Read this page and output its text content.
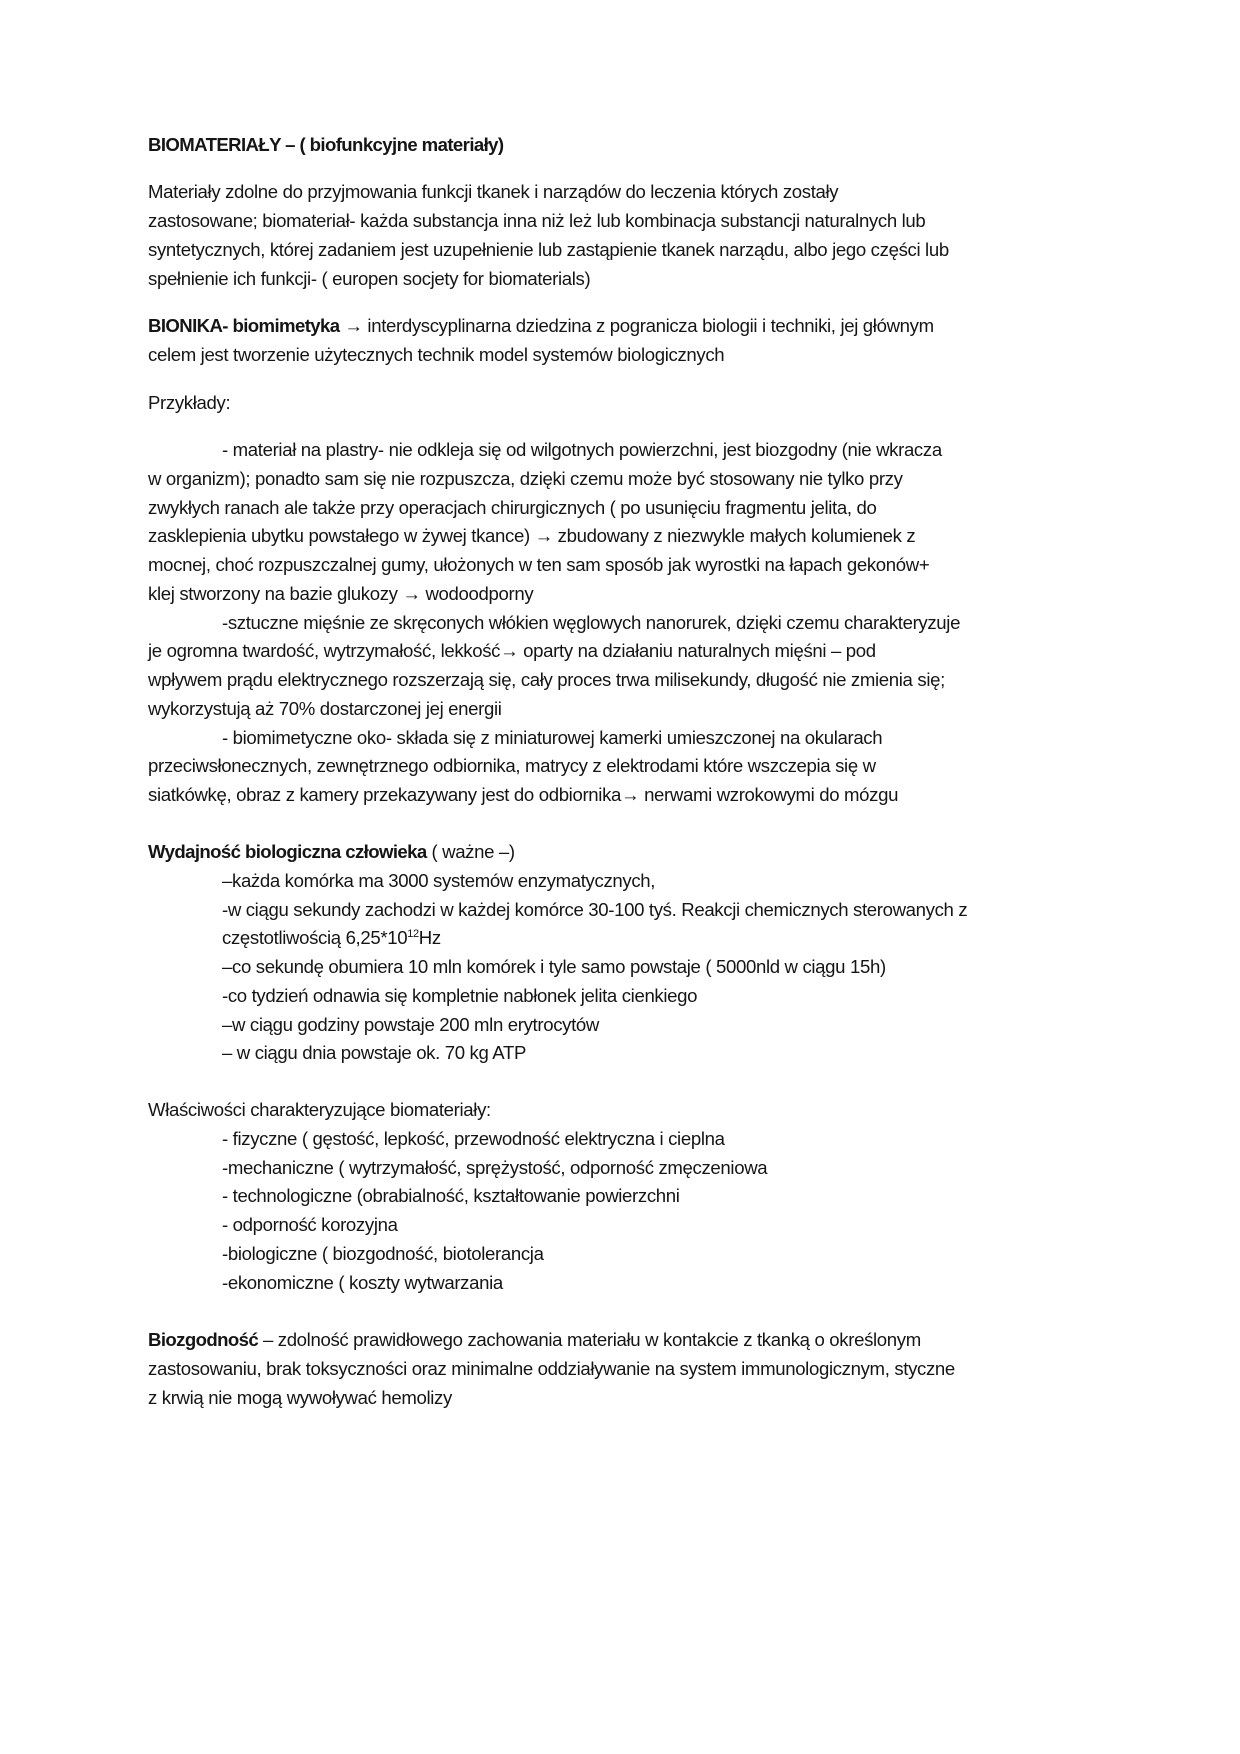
BIOMATERIAŁY – ( biofunkcyjne materiały)
Materiały zdolne do przyjmowania funkcji tkanek i narządów do leczenia których zostały
zastosowane; biomateriał- każda substancja inna niż leż lub kombinacja substancji naturalnych lub
syntetycznych, której zadaniem jest uzupełnienie lub zastąpienie tkanek narządu, albo jego części lub
spełnienie ich funkcji- ( europen socjety for biomaterials)
BIONIKA- biomimetyka → interdyscyplinarna dziedzina z pogranicza biologii i techniki, jej głównym
celem jest tworzenie użytecznych technik model systemów biologicznych
Przykłady:
- materiał na plastry- nie odkleja się od wilgotnych powierzchni, jest biozgodny (nie wkracza
w organizm); ponadto sam się nie rozpuszcza, dzięki czemu może być stosowany nie tylko przy
zwykłych ranach ale także przy operacjach chirurgicznych ( po usunięciu fragmentu jelita, do
zasklepienia ubytku powstałego w żywej tkance) → zbudowany z niezwykle małych kolumienek z
mocnej, choć rozpuszczalnej gumy, ułożonych w ten sam sposób jak wyrostki na łapach gekonów+
klej stworzony na bazie glukozy → wodoodporny
-sztuczne mięśnie ze skręconych włókien węglowych nanorurek, dzięki czemu charakteryzuje
je ogromna twardość, wytrzymałość, lekkość→ oparty na działaniu naturalnych mięśni – pod
wpływem prądu elektrycznego rozszerzają się, cały proces trwa milisekundy, długość nie zmienia się;
wykorzystują aż 70% dostarczonej jej energii
- biomimetyczne oko- składa się z miniaturowej kamerki umieszczonej na okularach
przeciwsłonecznych, zewnętrznego odbiornika, matrycy z elektrodami które wszczepia się w
siatkówkę, obraz z kamery przekazywany jest do odbiornika→ nerwami wzrokowymi do mózgu
Wydajność biologiczna człowieka ( ważne –)
–każda komórka ma 3000 systemów enzymatycznych,
-w ciągu sekundy zachodzi w każdej komórce 30-100 tyś. Reakcji chemicznych sterowanych z
częstotliwością $6,25*10^{12}Hz$
–co sekundę obumiera 10 mln komórek i tyle samo powstaje ( 5000nld w ciągu 15h)
-co tydzień odnawia się kompletnie nabłonek jelita cienkiego
–w ciągu godziny powstaje 200 mln erytrocytów
– w ciągu dnia powstaje ok. 70 kg ATP
Właściwości charakteryzujące biomateriały:
- fizyczne ( gęstość, lepkość, przewodność elektryczna i cieplna
-mechaniczne ( wytrzymałość, sprężystość, odporność zmęczeniowa
- technologiczne (obrabialność, kształtowanie powierzchni
- odporność korozyjna
-biologiczne ( biozgodność, biotolerancja
-ekonomiczne ( koszty wytwarzania
Biozgodność – zdolność prawidłowego zachowania materiału w kontakcie z tkanką o określonym
zastosowaniu, brak toksyczności oraz minimalne oddziaływanie na system immunologicznym, styczne
z krwią nie mogą wywoływać hemolizy
